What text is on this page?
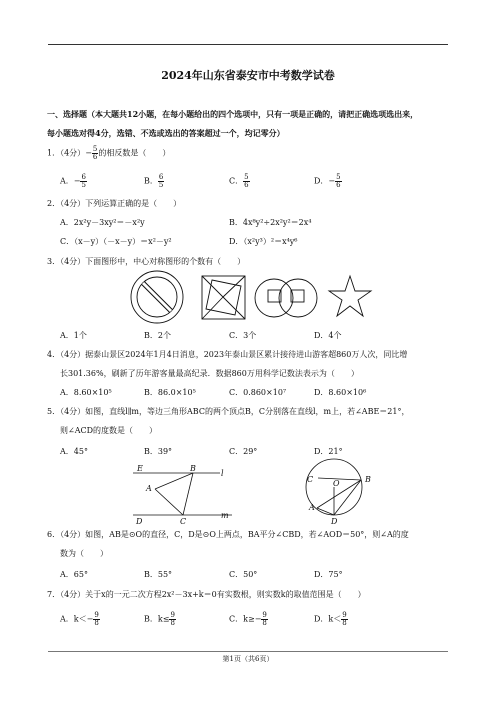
2024年山东省泰安市中考数学试卷
一、选择题（本大题共12小题，在每小题给出的四个选项中，只有一项是正确的，请把正确选项选出来，
每小题选对得4分，选错、不选或选出的答案超过一个，均记零分）
1．（4分）− $\frac{5}{6}$ 的相反数是（　　）
A．− $\frac{6}{5}$	B． $\frac{6}{5}$	C． $\frac{5}{6}$	D．− $\frac{5}{6}$
2．（4分）下列运算正确的是（　　）
A．2x²y－3xy²＝－x²y	B．4x⁸y²÷2x²y²＝2x⁴
C．（x－y）（－x－y）＝x²－y²	D．（x²y³）²＝x⁴y⁶
3．（4分）下面图形中，中心对称图形的个数有（　　）
A．1个	B．2个	C．3个	D．4个
4．（4分）据泰山景区2024年1月4日消息，2023年泰山景区累计接待进山游客超860万人次，同比增
长301.36%，刷新了历年游客量最高纪录．数据860万用科学记数法表示为（　　）
A．8.60×10⁵	B．86.0×10⁵	C．0.860×10⁷	D．8.60×10⁶
5．（4分）如图，直线l∥m，等边三角形ABC的两个顶点B，C分别落在直线l，m上，若∠ABE＝21°，
则∠ACD的度数是（　　）
A．45°	B．39°	C．29°	D．21°
E	B
l
A
D	C
m
C O	B
A
D
6．（4分）如图，AB是⊙O的直径，C，D是⊙O上两点，BA平分∠CBD，若∠AOD＝50°，则∠A的度
数为（　　）
A．65°	B．55°	C．50°	D．75°
7．（4分）关于x的一元二次方程2x²－3x+k＝0有实数根，则实数k的取值范围是（　　）
A．$k<- \frac{9}{8}$	B．$k\le \frac{9}{8}$	C．$k\ge- \frac{9}{8}$	D．$k< \frac{9}{8}$
第1页（共6页）
